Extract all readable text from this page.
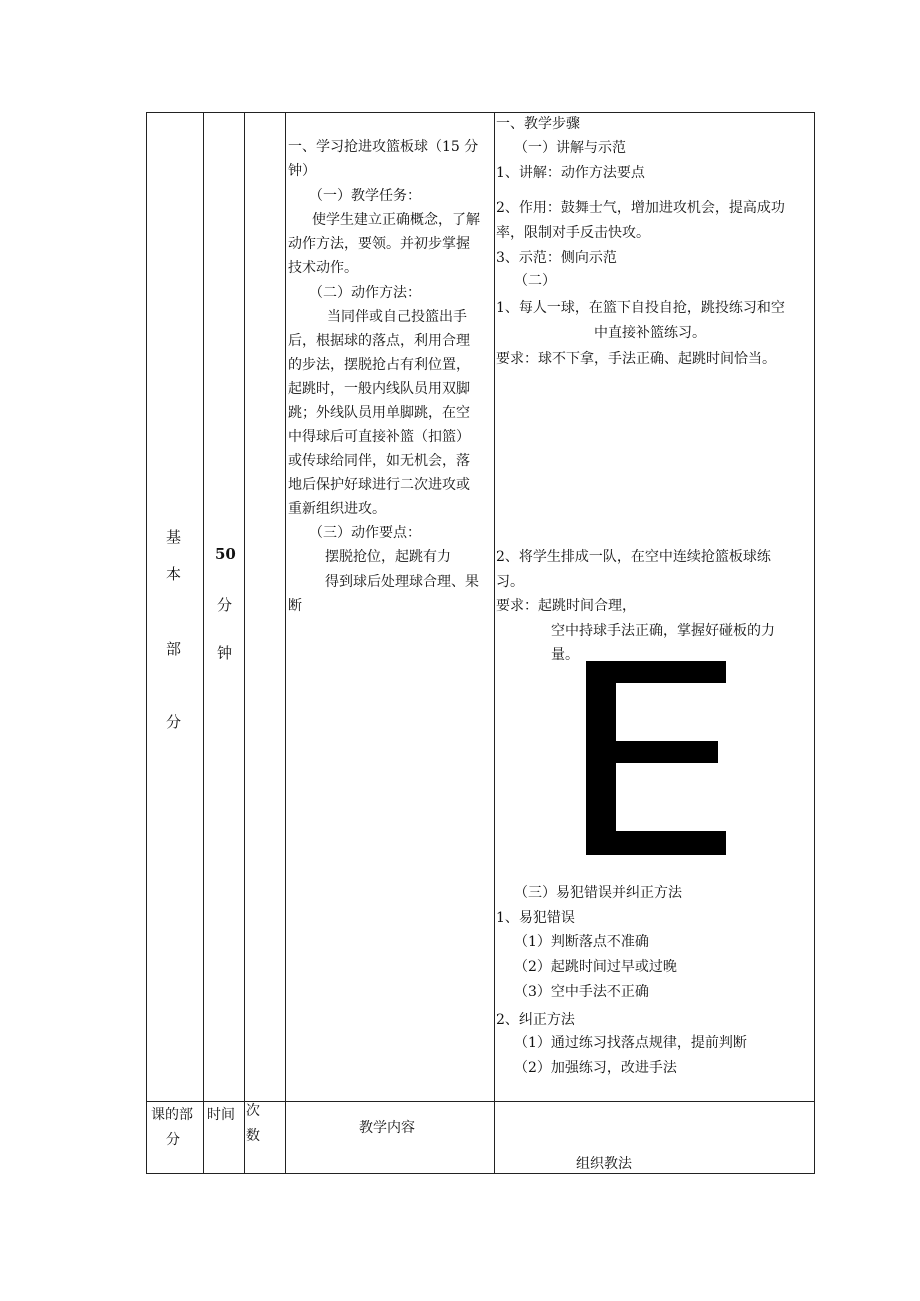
基
本
部
分
50
分
钟
一、学习抢进攻篮板球（15 分
钟）
（一）教学任务：
使学生建立正确概念，了解
动作方法，要领。并初步掌握
技术动作。
（二）动作方法：
当同伴或自己投篮出手
后，根据球的落点，利用合理
的步法，摆脱抢占有利位置，
起跳时，一般内线队员用双脚
跳；外线队员用单脚跳，在空
中得球后可直接补篮（扣篮）
或传球给同伴，如无机会，落
地后保护好球进行二次进攻或
重新组织进攻。
（三）动作要点：
摆脱抢位，起跳有力
得到球后处理球合理、果
断
一、教学步骤
（一）讲解与示范
1、讲解：动作方法要点
2、作用：鼓舞士气，增加进攻机会，提高成功
率，限制对手反击快攻。
3、示范：侧向示范
（二）
1、每人一球，在篮下自投自抢，跳投练习和空
中直接补篮练习。
要求：球不下拿，手法正确、起跳时间恰当。
2、将学生排成一队，在空中连续抢篮板球练
习。
要求：起跳时间合理，
空中持球手法正确，掌握好碰板的力
量。
（三）易犯错误并纠正方法
1、易犯错误
（1）判断落点不准确
（2）起跳时间过早或过晚
（3）空中手法不正确
2、纠正方法
（1）通过练习找落点规律，提前判断
（2）加强练习，改进手法
课的部
分
时间 次
数	教学内容
组织教法
